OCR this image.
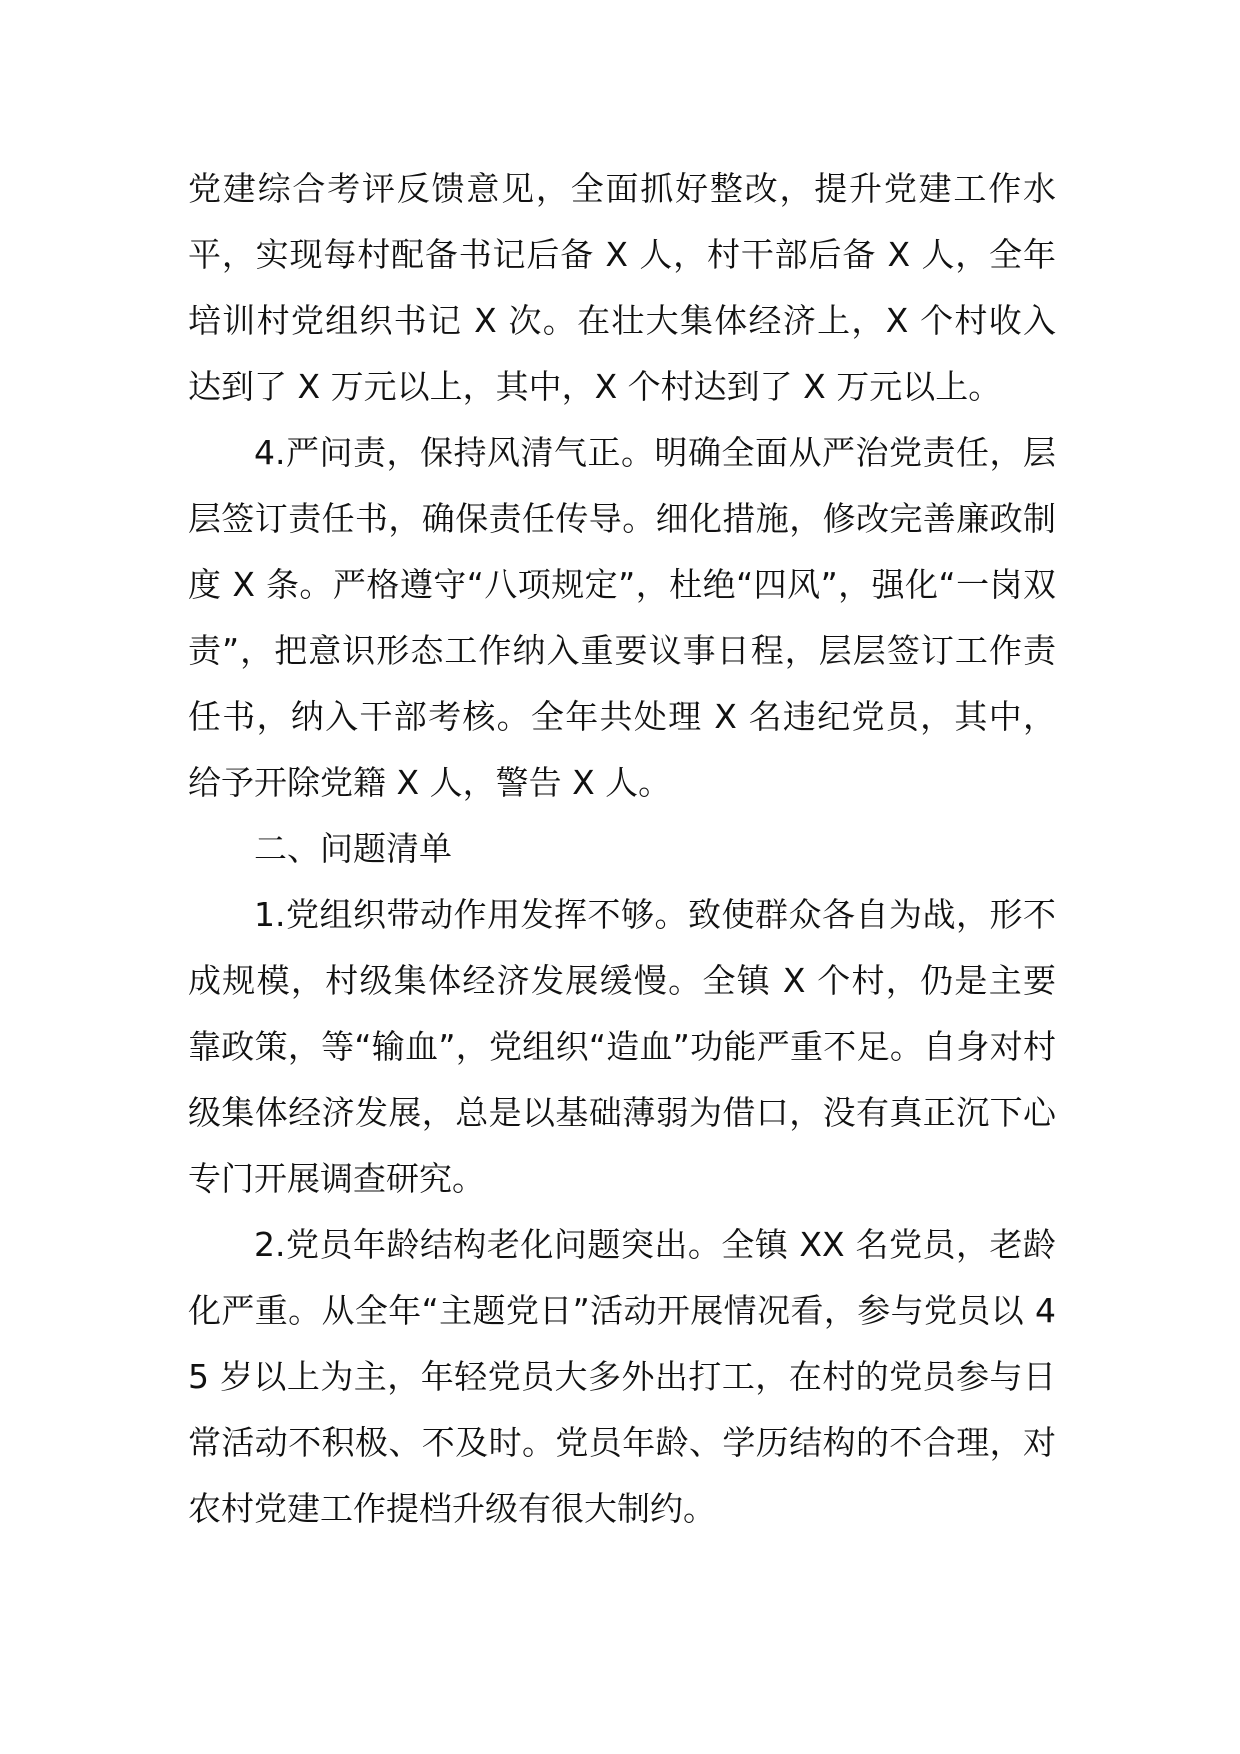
党建综合考评反馈意见，全面抓好整改，提升党建工作水平，实现每村配备书记后备 X 人，村干部后备 X 人，全年培训村党组织书记 X 次。在壮大集体经济上，X 个村收入达到了 X 万元以上，其中，X 个村达到了 X 万元以上。

4.严问责，保持风清气正。明确全面从严治党责任，层层签订责任书，确保责任传导。细化措施，修改完善廉政制度 X 条。严格遵守“八项规定”，杜绝“四风”，强化“一岗双责”，把意识形态工作纳入重要议事日程，层层签订工作责任书，纳入干部考核。全年共处理 X 名违纪党员，其中，给予开除党籍 X 人，警告 X 人。

二、问题清单

1.党组织带动作用发挥不够。致使群众各自为战，形不成规模，村级集体经济发展缓慢。全镇 X 个村，仍是主要靠政策，等“输血”，党组织“造血”功能严重不足。自身对村级集体经济发展，总是以基础薄弱为借口，没有真正沉下心专门开展调查研究。

2.党员年龄结构老化问题突出。全镇 XX 名党员，老龄化严重。从全年“主题党日”活动开展情况看，参与党员以 45 岁以上为主，年轻党员大多外出打工，在村的党员参与日常活动不积极、不及时。党员年龄、学历结构的不合理，对农村党建工作提档升级有很大制约。
